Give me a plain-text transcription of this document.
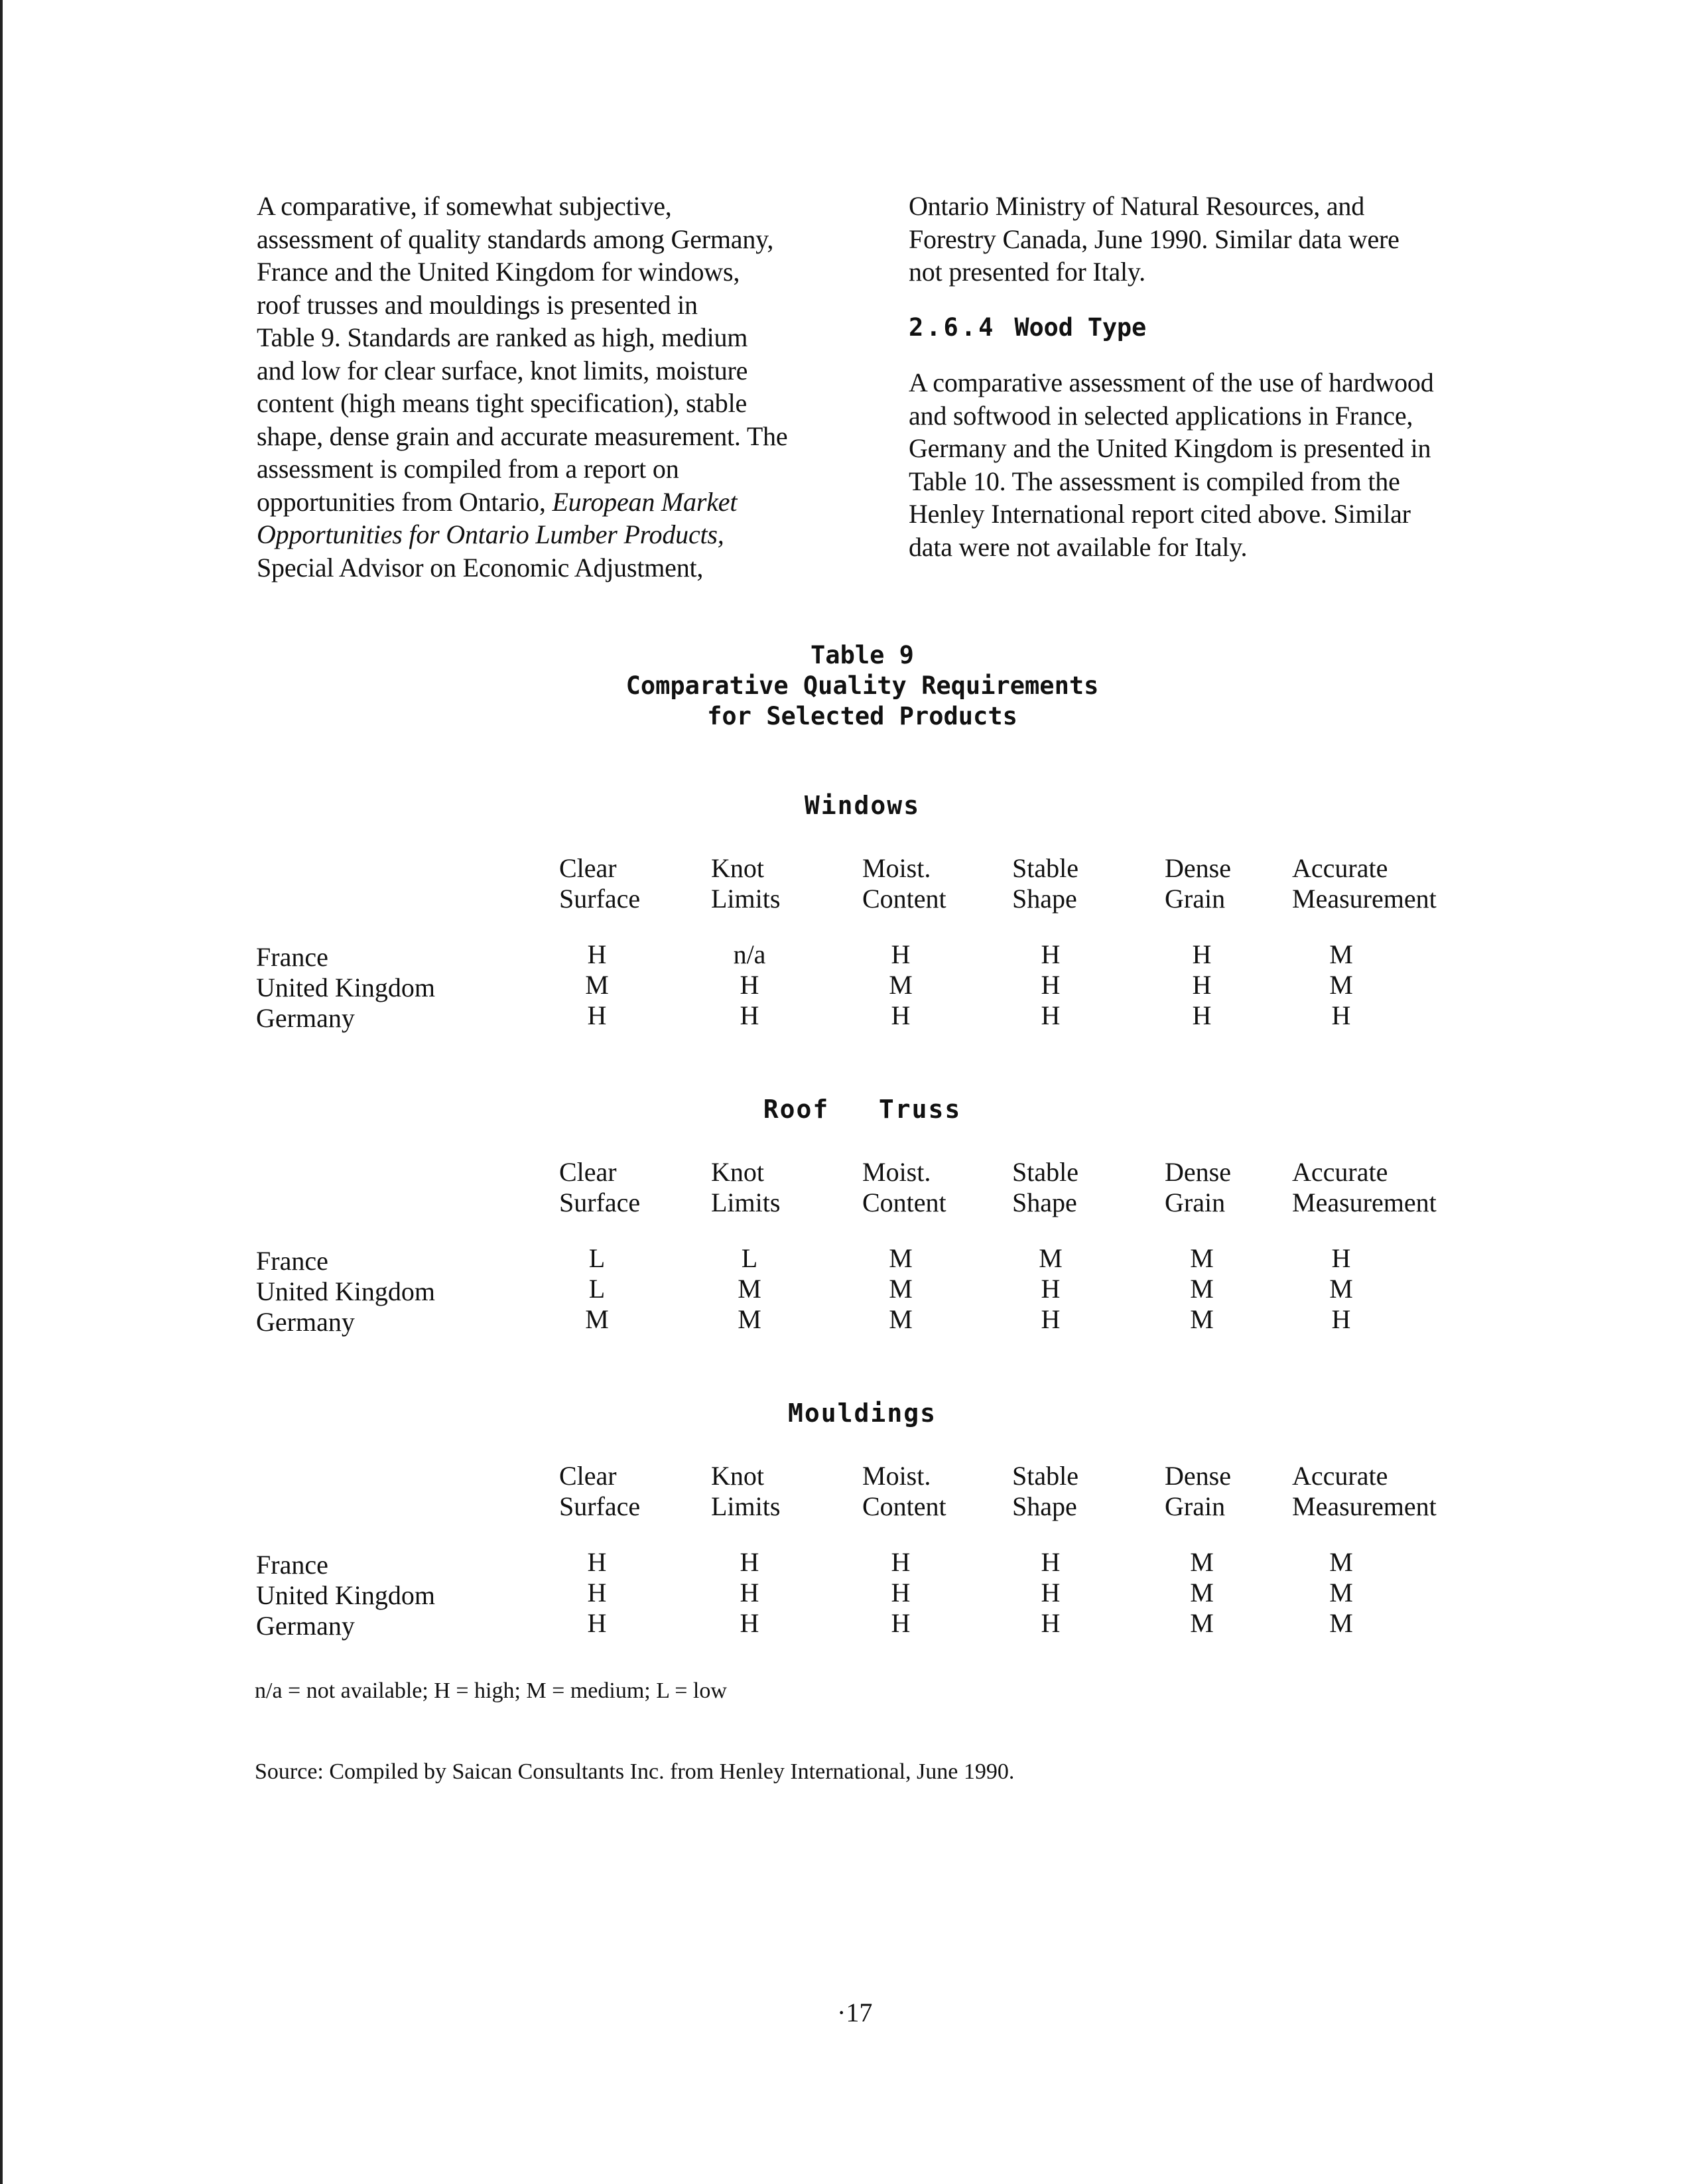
A comparative, if somewhat subjective,

assessment of quality standards among Germany,

France and the United Kingdom for windows,

roof trusses and mouldings is presented in

Table 9. Standards are ranked as high, medium

and low for clear surface, knot limits, moisture

content (high means tight specification), stable

shape, dense grain and accurate measurement. The

assessment is compiled from a report on

opportunities from Ontario, European Market

Opportunities for Ontario Lumber Products,

Special Advisor on Economic Adjustment,

Ontario Ministry of Natural Resources, and

Forestry Canada, June 1990. Similar data were

not presented for Italy.

2.6.4 Wood Type

A comparative assessment of the use of hardwood

and softwood in selected applications in France,

Germany and the United Kingdom is presented in

Table 10. The assessment is compiled from the

Henley International report cited above. Similar

data were not available for Italy.

Table 9
Comparative Quality Requirements
for Selected Products
Windows
Clear
Surface
Knot
Limits
Moist.
Content
Stable
Shape
Dense
Grain
Accurate
Measurement
France	H	n/a	H	H	H	M
United Kingdom	M	H	M	H	H	M
Germany	H	H	H	H	H	H
Roof   Truss
Clear
Surface
Knot
Limits
Moist.
Content
Stable
Shape
Dense
Grain
Accurate
Measurement
France	L	L	M	M	M	H
United Kingdom	L	M	M	H	M	M
Germany	M	M	M	H	M	H
Mouldings
Clear
Surface
Knot
Limits
Moist.
Content
Stable
Shape
Dense
Grain
Accurate
Measurement
France	H	H	H	H	M	M
United Kingdom	H	H	H	H	M	M
Germany	H	H	H	H	M	M
n/a = not available; H = high; M = medium; L = low
Source: Compiled by Saican Consultants Inc. from Henley International, June 1990.
·17
